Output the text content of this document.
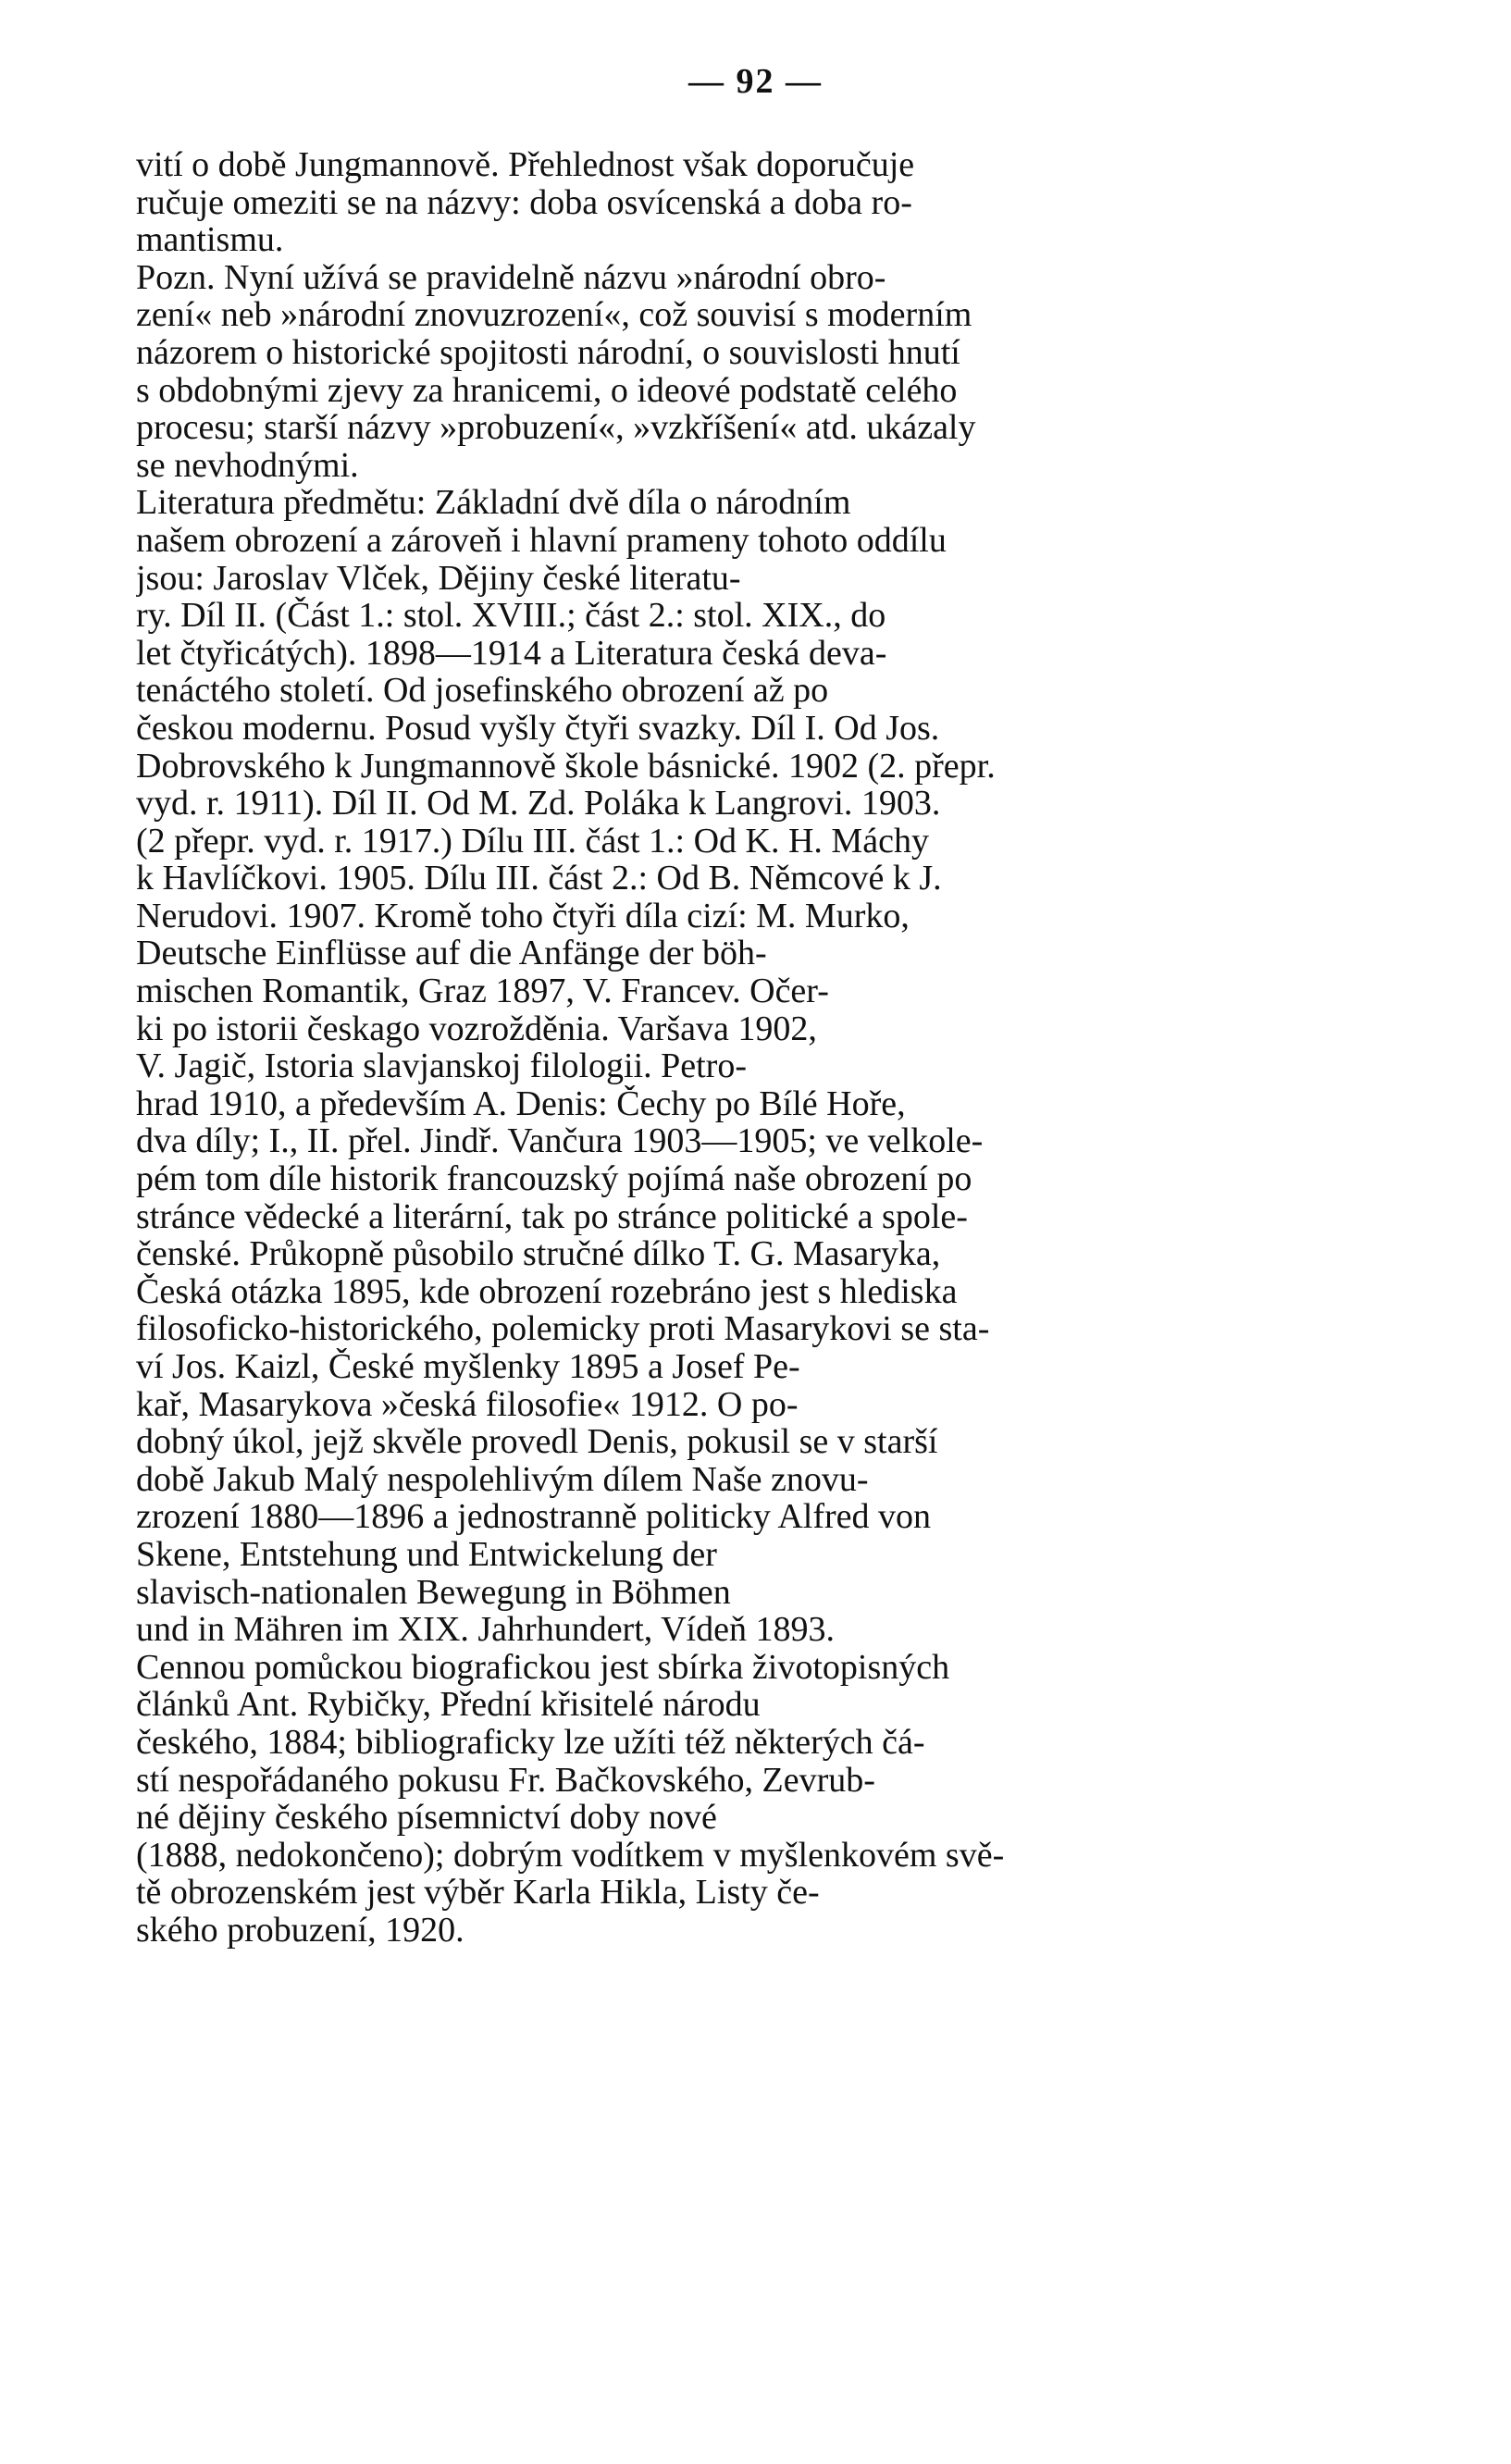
— 92 —
vití o době Jungmannově. Přehlednost však doporučuje
ručuje omeziti se na názvy: doba osvícenská a doba ro-
mantismu.
Pozn. Nyní užívá se pravidelně názvu »národní obro-
zení« neb »národní znovuzrození«, což souvisí s moderním
názorem o historické spojitosti národní, o souvislosti hnutí
s obdobnými zjevy za hranicemi, o ideové podstatě celého
procesu; starší názvy »probuzení«, »vzkříšení« atd. ukázaly
se nevhodnými.
Literatura předmětu: Základní dvě díla o národním
našem obrození a zároveň i hlavní prameny tohoto oddílu
jsou: Jaroslav Vlček, Dějiny české literatu-
ry. Díl II. (Část 1.: stol. XVIII.; část 2.: stol. XIX., do
let čtyřicátých). 1898—1914 a Literatura česká deva-
tenáctého století. Od josefinského obrození až po
českou modernu. Posud vyšly čtyři svazky. Díl I. Od Jos.
Dobrovského k Jungmannově škole básnické. 1902 (2. přepr.
vyd. r. 1911). Díl II. Od M. Zd. Poláka k Langrovi. 1903.
(2 přepr. vyd. r. 1917.) Dílu III. část 1.: Od K. H. Máchy
k Havlíčkovi. 1905. Dílu III. část 2.: Od B. Němcové k J.
Nerudovi. 1907. Kromě toho čtyři díla cizí: M. Murko,
Deutsche Einflüsse auf die Anfänge der böh-
mischen Romantik, Graz 1897, V. Francev. Očer-
ki po istorii českago vozrožděnia. Varšava 1902,
V. Jagič, Istoria slavjanskoj filologii. Petro-
hrad 1910, a především A. Denis: Čechy po Bílé Hoře,
dva díly; I., II. přel. Jindř. Vančura 1903—1905; ve velkole-
pém tom díle historik francouzský pojímá naše obrození po
stránce vědecké a literární, tak po stránce politické a spole-
čenské. Průkopně působilo stručné dílko T. G. Masaryka,
Česká otázka 1895, kde obrození rozebráno jest s hlediska
filosoficko-historického, polemicky proti Masarykovi se sta-
ví Jos. Kaizl, České myšlenky 1895 a Josef Pe-
kař, Masarykova »česká filosofie« 1912. O po-
dobný úkol, jejž skvěle provedl Denis, pokusil se v starší
době Jakub Malý nespolehlivým dílem Naše znovu-
zrození 1880—1896 a jednostranně politicky Alfred von
Skene, Entstehung und Entwickelung der
slavisch-nationalen Bewegung in Böhmen
und in Mähren im XIX. Jahrhundert, Vídeň 1893.
Cennou pomůckou biografickou jest sbírka životopisných
článků Ant. Rybičky, Přední křisitelé národu
českého, 1884; bibliograficky lze užíti též některých čá-
stí nespořádaného pokusu Fr. Bačkovského, Zevrub-
né dějiny českého písemnictví doby nové
(1888, nedokončeno); dobrým vodítkem v myšlenkovém svě-
tě obrozenském jest výběr Karla Hikla, Listy če-
ského probuzení, 1920.
